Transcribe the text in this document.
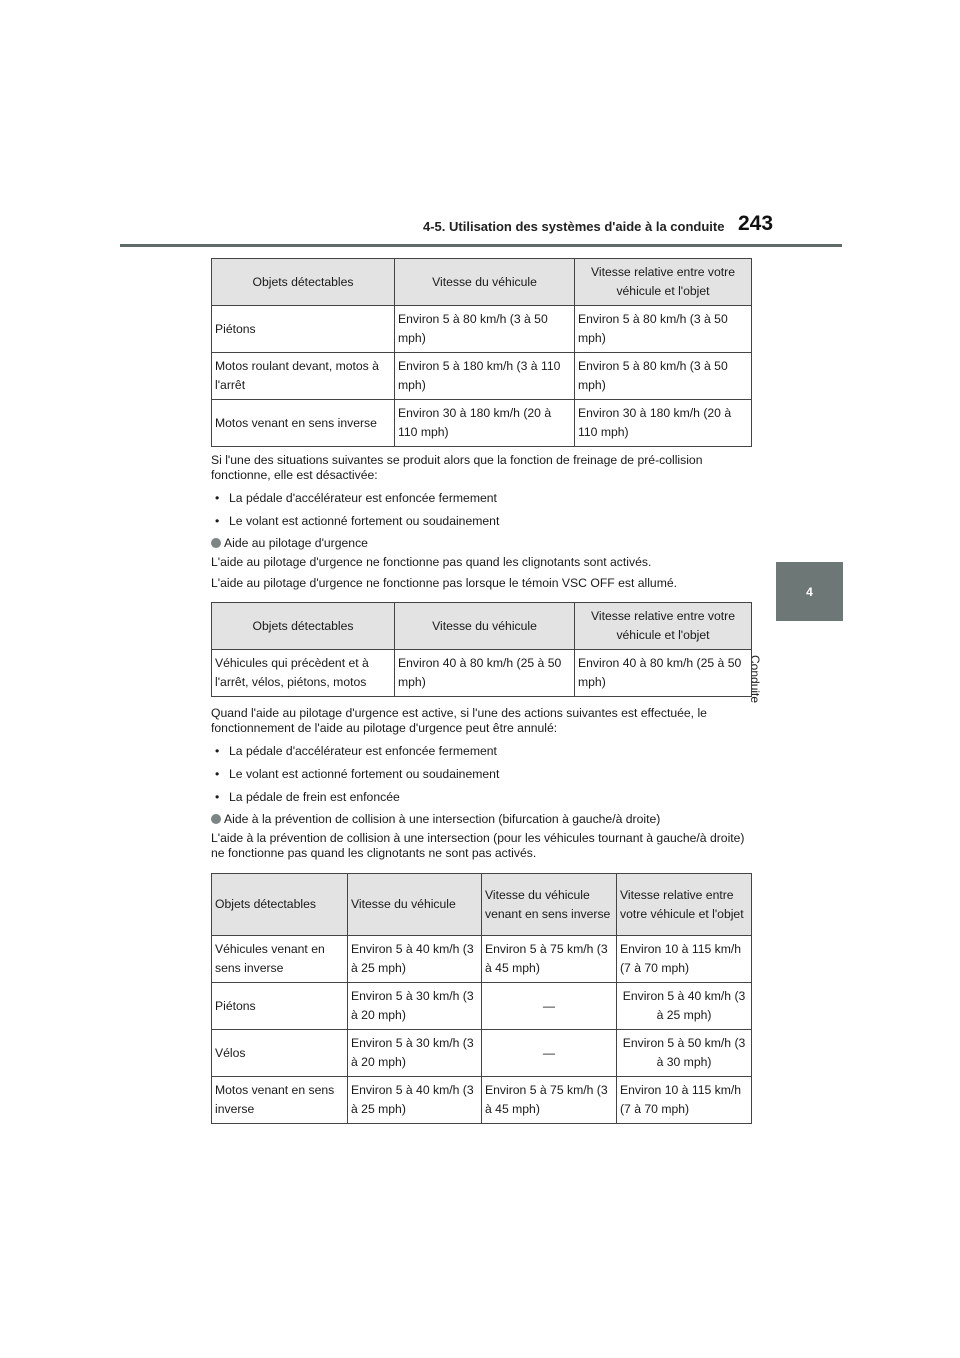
4-5. Utilisation des systèmes d'aide à la conduite 243
4
Conduite
Objets détectables	Vitesse du véhicule	Vitesse relative entre votre véhicule et l'objet
Piétons	Environ 5 à 80 km/h (3 à 50 mph)	Environ 5 à 80 km/h (3 à 50 mph)
Motos roulant devant, motos à l'arrêt	Environ 5 à 180 km/h (3 à 110 mph)	Environ 5 à 80 km/h (3 à 50 mph)
Motos venant en sens inverse	Environ 30 à 180 km/h (20 à 110 mph)	Environ 30 à 180 km/h (20 à 110 mph)

Si l'une des situations suivantes se produit alors que la fonction de freinage de pré-collision fonctionne, elle est désactivée:

• La pédale d'accélérateur est enfoncée fermement

• Le volant est actionné fortement ou soudainement

Aide au pilotage d'urgence

L'aide au pilotage d'urgence ne fonctionne pas quand les clignotants sont activés.

L'aide au pilotage d'urgence ne fonctionne pas lorsque le témoin VSC OFF est allumé.

Objets détectables	Vitesse du véhicule	Vitesse relative entre votre véhicule et l'objet
Véhicules qui précèdent et à l'arrêt, vélos, piétons, motos	Environ 40 à 80 km/h (25 à 50 mph)	Environ 40 à 80 km/h (25 à 50 mph)

Quand l'aide au pilotage d'urgence est active, si l'une des actions suivantes est effectuée, le fonctionnement de l'aide au pilotage d'urgence peut être annulé:

• La pédale d'accélérateur est enfoncée fermement

• Le volant est actionné fortement ou soudainement

• La pédale de frein est enfoncée

Aide à la prévention de collision à une intersection (bifurcation à gauche/à droite)

L'aide à la prévention de collision à une intersection (pour les véhicules tournant à gauche/à droite) ne fonctionne pas quand les clignotants ne sont pas activés.

Objets détectables	Vitesse du véhicule	Vitesse du véhicule venant en sens inverse	Vitesse relative entre votre véhicule et l'objet
Véhicules venant en sens inverse	Environ 5 à 40 km/h (3 à 25 mph)	Environ 5 à 75 km/h (3 à 45 mph)	Environ 10 à 115 km/h (7 à 70 mph)
Piétons	Environ 5 à 30 km/h (3 à 20 mph)	—	Environ 5 à 40 km/h (3 à 25 mph)
Vélos	Environ 5 à 30 km/h (3 à 20 mph)	—	Environ 5 à 50 km/h (3 à 30 mph)
Motos venant en sens inverse	Environ 5 à 40 km/h (3 à 25 mph)	Environ 5 à 75 km/h (3 à 45 mph)	Environ 10 à 115 km/h (7 à 70 mph)
